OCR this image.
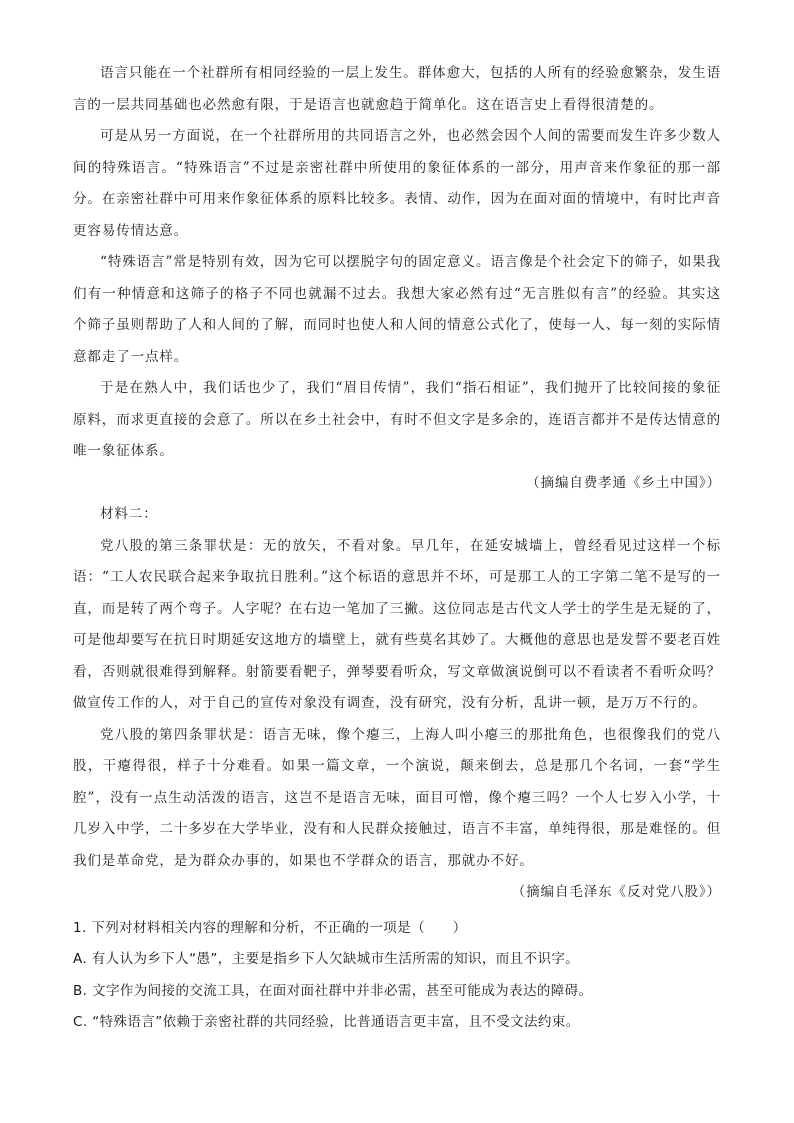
语言只能在一个社群所有相同经验的一层上发生。群体愈大，包括的人所有的经验愈繁杂，发生语言的一层共同基础也必然愈有限，于是语言也就愈趋于简单化。这在语言史上看得很清楚的。

可是从另一方面说，在一个社群所用的共同语言之外，也必然会因个人间的需要而发生许多少数人间的特殊语言。“特殊语言”不过是亲密社群中所使用的象征体系的一部分，用声音来作象征的那一部分。在亲密社群中可用来作象征体系的原料比较多。表情、动作，因为在面对面的情境中，有时比声音更容易传情达意。

“特殊语言”常是特别有效，因为它可以摆脱字句的固定意义。语言像是个社会定下的筛子，如果我们有一种情意和这筛子的格子不同也就漏不过去。我想大家必然有过“无言胜似有言”的经验。其实这个筛子虽则帮助了人和人间的了解，而同时也使人和人间的情意公式化了，使每一人、每一刻的实际情意都走了一点样。

于是在熟人中，我们话也少了，我们“眉目传情”，我们“指石相证”，我们抛开了比较间接的象征原料，而求更直接的会意了。所以在乡土社会中，有时不但文字是多余的，连语言都并不是传达情意的唯一象征体系。

（摘编自费孝通《乡土中国》）

材料二：

党八股的第三条罪状是：无的放矢，不看对象。早几年，在延安城墙上，曾经看见过这样一个标语：“工人农民联合起来争取抗日胜利。”这个标语的意思并不坏，可是那工人的工字第二笔不是写的一直，而是转了两个弯子。人字呢？在右边一笔加了三撇。这位同志是古代文人学士的学生是无疑的了，可是他却要写在抗日时期延安这地方的墙壁上，就有些莫名其妙了。大概他的意思也是发誓不要老百姓看，否则就很难得到解释。射箭要看靶子，弹琴要看听众，写文章做演说倒可以不看读者不看听众吗？做宣传工作的人，对于自己的宣传对象没有调查，没有研究，没有分析，乱讲一顿，是万万不行的。

党八股的第四条罪状是：语言无味，像个瘪三，上海人叫小瘪三的那批角色，也很像我们的党八股，干瘪得很，样子十分难看。如果一篇文章，一个演说，颠来倒去，总是那几个名词，一套“学生腔”，没有一点生动活泼的语言，这岂不是语言无味，面目可憎，像个瘪三吗？一个人七岁入小学，十几岁入中学，二十多岁在大学毕业，没有和人民群众接触过，语言不丰富，单纯得很，那是难怪的。但我们是革命党，是为群众办事的，如果也不学群众的语言，那就办不好。

（摘编自毛泽东《反对党八股》）

1. 下列对材料相关内容的理解和分析，不正确的一项是（　　）

A. 有人认为乡下人“愚”，主要是指乡下人欠缺城市生活所需的知识，而且不识字。

B. 文字作为间接的交流工具，在面对面社群中并非必需，甚至可能成为表达的障碍。

C. “特殊语言”依赖于亲密社群的共同经验，比普通语言更丰富，且不受文法约束。
